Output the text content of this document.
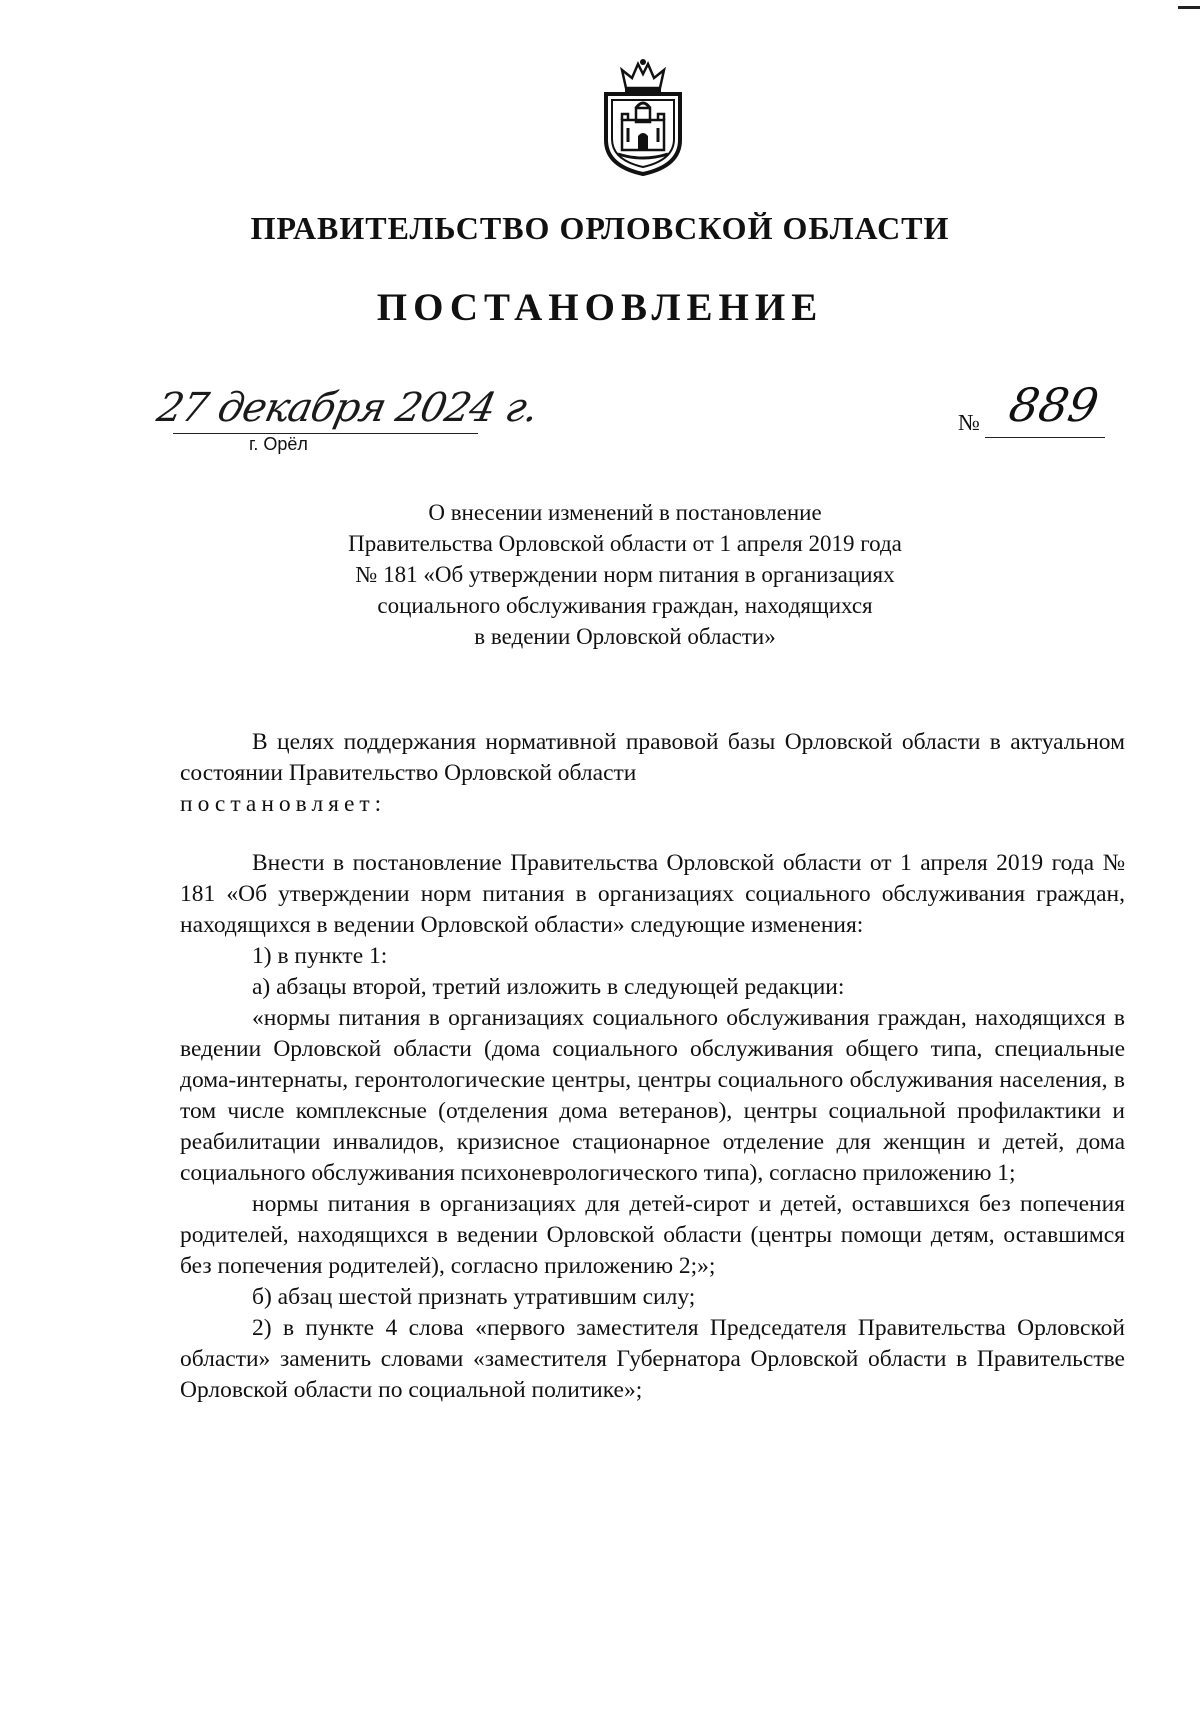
ПРАВИТЕЛЬСТВО ОРЛОВСКОЙ ОБЛАСТИ
ПОСТАНОВЛЕНИЕ
27 декабря 2024 г.
г. Орёл
№ 889
О внесении изменений в постановление
Правительства Орловской области от 1 апреля 2019 года
№ 181 «Об утверждении норм питания в организациях
социального обслуживания граждан, находящихся
в ведении Орловской области»

В целях поддержания нормативной правовой базы Орловской области в актуальном состоянии Правительство Орловской области

постановляет:

Внести в постановление Правительства Орловской области от 1 апреля 2019 года № 181 «Об утверждении норм питания в организациях социального обслуживания граждан, находящихся в ведении Орловской области» следующие изменения:

1) в пункте 1:

а) абзацы второй, третий изложить в следующей редакции:

«нормы питания в организациях социального обслуживания граждан, находящихся в ведении Орловской области (дома социального обслуживания общего типа, специальные дома-интернаты, геронтологические центры, центры социального обслуживания населения, в том числе комплексные (отделения дома ветеранов), центры социальной профилактики и реабилитации инвалидов, кризисное стационарное отделение для женщин и детей, дома социального обслуживания психоневрологического типа), согласно приложению 1;

нормы питания в организациях для детей-сирот и детей, оставшихся без попечения родителей, находящихся в ведении Орловской области (центры помощи детям, оставшимся без попечения родителей), согласно приложению 2;»;

б) абзац шестой признать утратившим силу;

2) в пункте 4 слова «первого заместителя Председателя Правительства Орловской области» заменить словами «заместителя Губернатора Орловской области в Правительстве Орловской области по социальной политике»;
